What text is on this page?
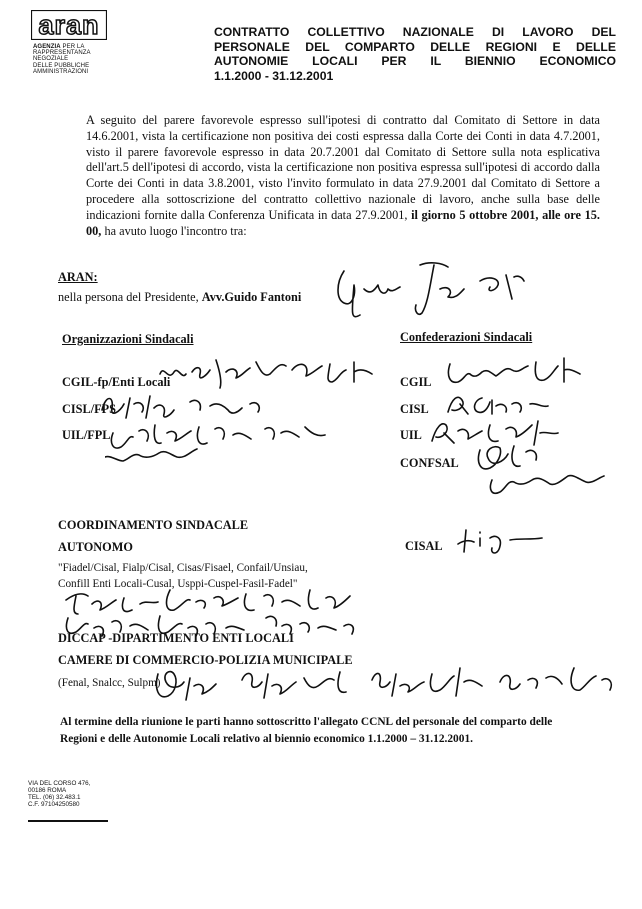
aran
AGENZIA PER LA
RAPPRESENTANZA
NEGOZIALE
DELLE PUBBLICHE
AMMINISTRAZIONI
CONTRATTO COLLETTIVO NAZIONALE DI LAVORO DEL
PERSONALE DEL COMPARTO DELLE REGIONI E DELLE
AUTONOMIE LOCALI PER IL BIENNIO ECONOMICO
1.1.2000 - 31.12.2001
A seguito del parere favorevole espresso sull'ipotesi di contratto dal Comitato di Settore in data 14.6.2001, vista la certificazione non positiva dei costi espressa dalla Corte dei Conti in data 4.7.2001, visto il parere favorevole espresso in data 20.7.2001 dal Comitato di Settore sulla nota esplicativa dell'art.5 dell'ipotesi di accordo, vista la certificazione non positiva espressa sull'ipotesi di accordo dalla Corte dei Conti in data 3.8.2001, visto l'invito formulato in data 27.9.2001 dal Comitato di Settore a procedere alla sottoscrizione del contratto collettivo nazionale di lavoro, anche sulla base delle indicazioni fornite dalla Conferenza Unificata in data 27.9.2001, il giorno 5 ottobre 2001, alle ore 15. 00, ha avuto luogo l'incontro tra:
ARAN:
nella persona del Presidente, Avv.Guido Fantoni
Organizzazioni Sindacali	Confederazioni Sindacali
CGIL-fp/Enti Locali
CISL/FPS
UIL/FPL
CGIL
CISL
UIL
CONFSAL
COORDINAMENTO SINDACALE
AUTONOMO	CISAL
"Fiadel/Cisal, Fialp/Cisal, Cisas/Fisael, Confail/Unsiau,
Confill Enti Locali-Cusal, Usppi-Cuspel-Fasil-Fadel"
DICCAP -DIPARTIMENTO ENTI LOCALI
CAMERE DI COMMERCIO-POLIZIA MUNICIPALE
(Fenal, Snalcc, Sulpm)
Al termine della riunione le parti hanno sottoscritto l'allegato CCNL del personale del comparto delle
Regioni e delle Autonomie Locali relativo al biennio economico 1.1.2000 – 31.12.2001.
VIA DEL CORSO 476,
00186 ROMA
TEL. (06) 32.483.1
C.F. 97104250580
